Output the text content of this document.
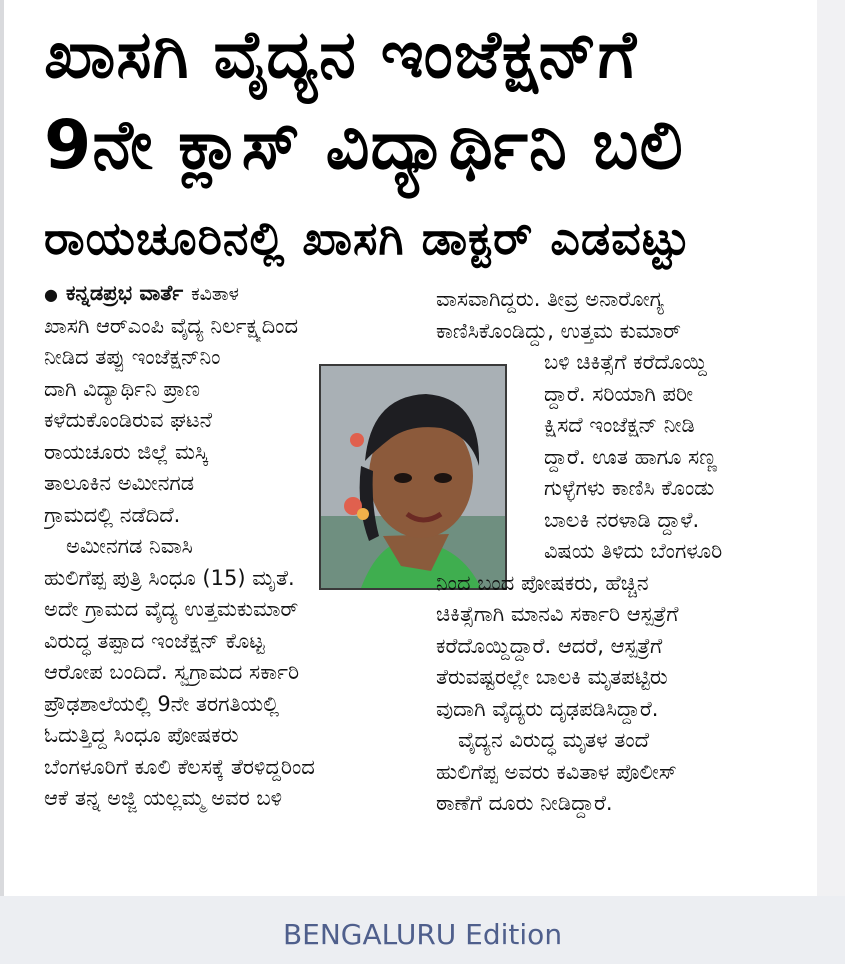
ಖಾಸಗಿ ವೈದ್ಯನ ಇಂಜೆಕ್ಷನ್‌ಗೆ
9ನೇ ಕ್ಲಾಸ್ ವಿದ್ಯಾರ್ಥಿನಿ ಬಲಿ
ರಾಯಚೂರಿನಲ್ಲಿ ಖಾಸಗಿ ಡಾಕ್ಟರ್ ಎಡವಟ್ಟು
● ಕನ್ನಡಪ್ರಭ ವಾರ್ತೆ ಕವಿತಾಳ
ಖಾಸಗಿ ಆರ್‌ಎಂಪಿ ವೈದ್ಯ ನಿರ್ಲಕ್ಷ್ಯದಿಂದ
ನೀಡಿದ ತಪ್ಪು ಇಂಜೆಕ್ಷನ್‌ನಿಂ
ದಾಗಿ ವಿದ್ಯಾರ್ಥಿನಿ ಪ್ರಾಣ
ಕಳೆದುಕೊಂಡಿರುವ ಘಟನೆ
ರಾಯಚೂರು ಜಿಲ್ಲೆ ಮಸ್ಕಿ
ತಾಲೂಕಿನ ಅಮೀನಗಡ
ಗ್ರಾಮದಲ್ಲಿ ನಡೆದಿದೆ.
ಅಮೀನಗಡ ನಿವಾಸಿ
ಹುಲಿಗೆಪ್ಪ ಪುತ್ರಿ ಸಿಂಧೂ (15) ಮೃತೆ.
ಅದೇ ಗ್ರಾಮದ ವೈದ್ಯ ಉತ್ತಮಕುಮಾರ್
ವಿರುದ್ಧ ತಪ್ಪಾದ ಇಂಜೆಕ್ಷನ್ ಕೊಟ್ಟ
ಆರೋಪ ಬಂದಿದೆ. ಸ್ವಗ್ರಾಮದ ಸರ್ಕಾರಿ
ಪ್ರೌಢಶಾಲೆಯಲ್ಲಿ 9ನೇ ತರಗತಿಯಲ್ಲಿ
ಓದುತ್ತಿದ್ದ ಸಿಂಧೂ ಪೋಷಕರು
ಬೆಂಗಳೂರಿಗೆ ಕೂಲಿ ಕೆಲಸಕ್ಕೆ ತೆರಳಿದ್ದರಿಂದ
ಆಕೆ ತನ್ನ ಅಜ್ಜಿ ಯಲ್ಲಮ್ಮ ಅವರ ಬಳಿ
ವಾಸವಾಗಿದ್ದರು. ತೀವ್ರ ಅನಾರೋಗ್ಯ
ಕಾಣಿಸಿಕೊಂಡಿದ್ದು, ಉತ್ತಮ ಕುಮಾರ್
ಬಳಿ ಚಿಕಿತ್ಸೆಗೆ ಕರೆದೊಯ್ದಿ
ದ್ದಾರೆ. ಸರಿಯಾಗಿ ಪರೀ
ಕ್ಷಿಸದೆ ಇಂಜೆಕ್ಷನ್ ನೀಡಿ
ದ್ದಾರೆ. ಊತ ಹಾಗೂ ಸಣ್ಣ
ಗುಳ್ಳೆಗಳು ಕಾಣಿಸಿ ಕೊಂಡು
ಬಾಲಕಿ ನರಳಾಡಿ ದ್ದಾಳೆ.
ವಿಷಯ ತಿಳಿದು ಬೆಂಗಳೂರಿ
ನಿಂದ ಬಂದ ಪೋಷಕರು, ಹೆಚ್ಚಿನ
ಚಿಕಿತ್ಸೆಗಾಗಿ ಮಾನವಿ ಸರ್ಕಾರಿ ಆಸ್ಪತ್ರೆಗೆ
ಕರೆದೊಯ್ದಿದ್ದಾರೆ. ಆದರೆ, ಆಸ್ಪತ್ರೆಗೆ
ತೆರುವಷ್ಟರಲ್ಲೇ ಬಾಲಕಿ ಮೃತಪಟ್ಟಿರು
ವುದಾಗಿ ವೈದ್ಯರು ದೃಢಪಡಿಸಿದ್ದಾರೆ.
ವೈದ್ಯನ ವಿರುದ್ಧ ಮೃತಳ ತಂದೆ
ಹುಲಿಗೆಪ್ಪ ಅವರು ಕವಿತಾಳ ಪೊಲೀಸ್
ಠಾಣೆಗೆ ದೂರು ನೀಡಿದ್ದಾರೆ.
BENGALURU Edition
